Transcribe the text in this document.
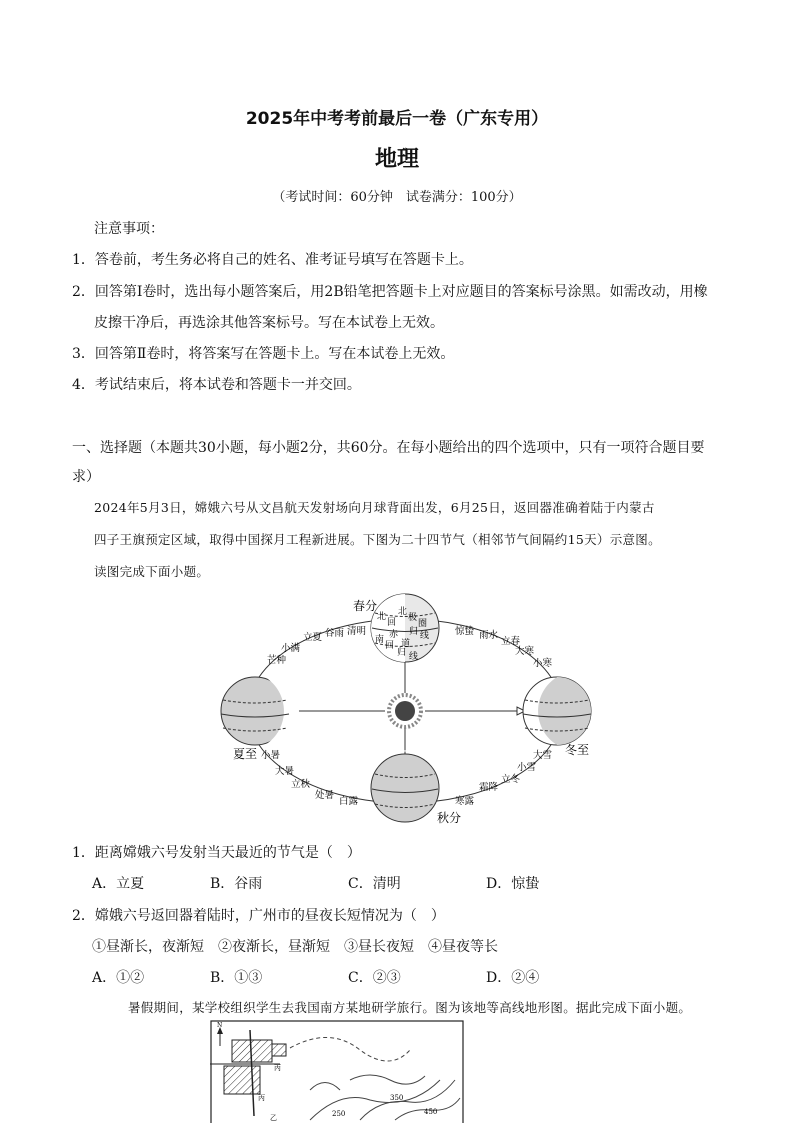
2025年中考考前最后一卷（广东专用）
地理
（考试时间：60分钟　试卷满分：100分）
注意事项：
1．答卷前，考生务必将自己的姓名、准考证号填写在答题卡上。
2．回答第Ⅰ卷时，选出每小题答案后，用2B铅笔把答题卡上对应题目的答案标号涂黑。如需改动，用橡
皮擦干净后，再选涂其他答案标号。写在本试卷上无效。
3．回答第Ⅱ卷时，将答案写在答题卡上。写在本试卷上无效。
4．考试结束后，将本试卷和答题卡一并交回。
一、选择题（本题共30小题，每小题2分，共60分。在每小题给出的四个选项中，只有一项符合题目要
求）
2024年5月3日，嫦娥六号从文昌航天发射场向月球背面出发，6月25日，返回器准确着陆于内蒙古
四子王旗预定区域，取得中国探月工程新进展。下图为二十四节气（相邻节气间隔约15天）示意图。
读图完成下面小题。
春分
夏至
秋分
冬至
北
极
圈
北
回
归 线
赤
道
南
回
归 线
清明
谷雨
立夏
小满
芒种
惊蛰 雨水
立春
大寒
小寒
小暑
大暑
立秋
处暑
白露	寒露
霜降
立冬
小雪
大雪
1．距离嫦娥六号发射当天最近的节气是（　）
A．立夏	B．谷雨	C．清明	D．惊蛰
2．嫦娥六号返回器着陆时，广州市的昼夜长短情况为（　）
①昼渐长，夜渐短　②夜渐长，昼渐短　③昼长夜短　④昼夜等长
A．①②	B．①③	C．②③	D．②④
暑假期间，某学校组织学生去我国南方某地研学旅行。图为该地等高线地形图。据此完成下面小题。
N
丙
丙
乙	250
350
450
